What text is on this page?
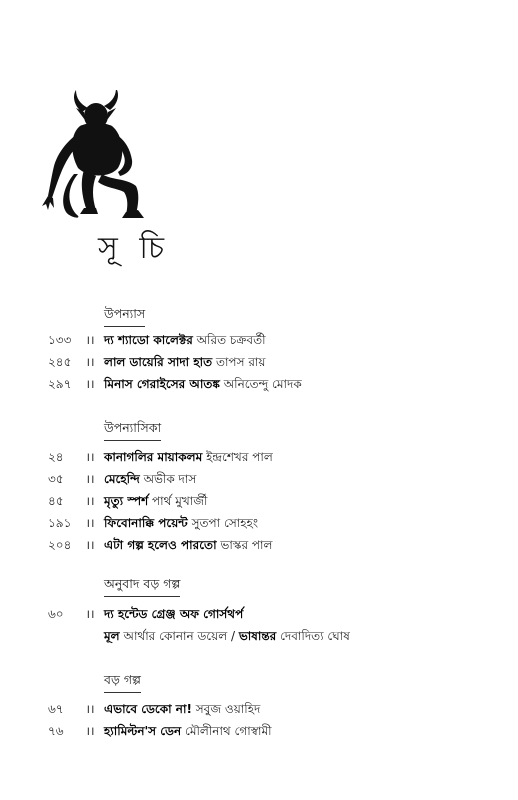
সূ চি
উপন্যাস
১৩৩	।। দ্য শ্যাডো কালেক্টর অরিত চক্রবর্তী
২৪৫	।। লাল ডায়েরি সাদা হাত তাপস রায়
২৯৭	।। মিনাস গেরাইসের আতঙ্ক অনিতেন্দু মোদক
উপন্যাসিকা
২৪	।। কানাগলির মায়াকলম ইন্দ্রশেখর পাল
৩৫	।। মেহেন্দি অভীক দাস
৪৫	।। মৃত্যু স্পর্শ পার্থ মুখার্জী
১৯১	।। ফিবোনাক্কি পয়েন্ট সুতপা সোহহং
২০৪	।। এটা গল্প হলেও পারতো ভাস্কর পাল
অনুবাদ বড় গল্প
৬০	।। দ্য হন্টেড গ্রেঞ্জ অফ গোর্সথর্প
মূল আর্থার কোনান ডয়েল / ভাষান্তর দেবাদিত্য ঘোষ
বড় গল্প
৬৭	।। এভাবে ডেকো না! সবুজ ওয়াহিদ
৭৬	।। হ্যামিল্টন'স ডেন মৌলীনাথ গোস্বামী
